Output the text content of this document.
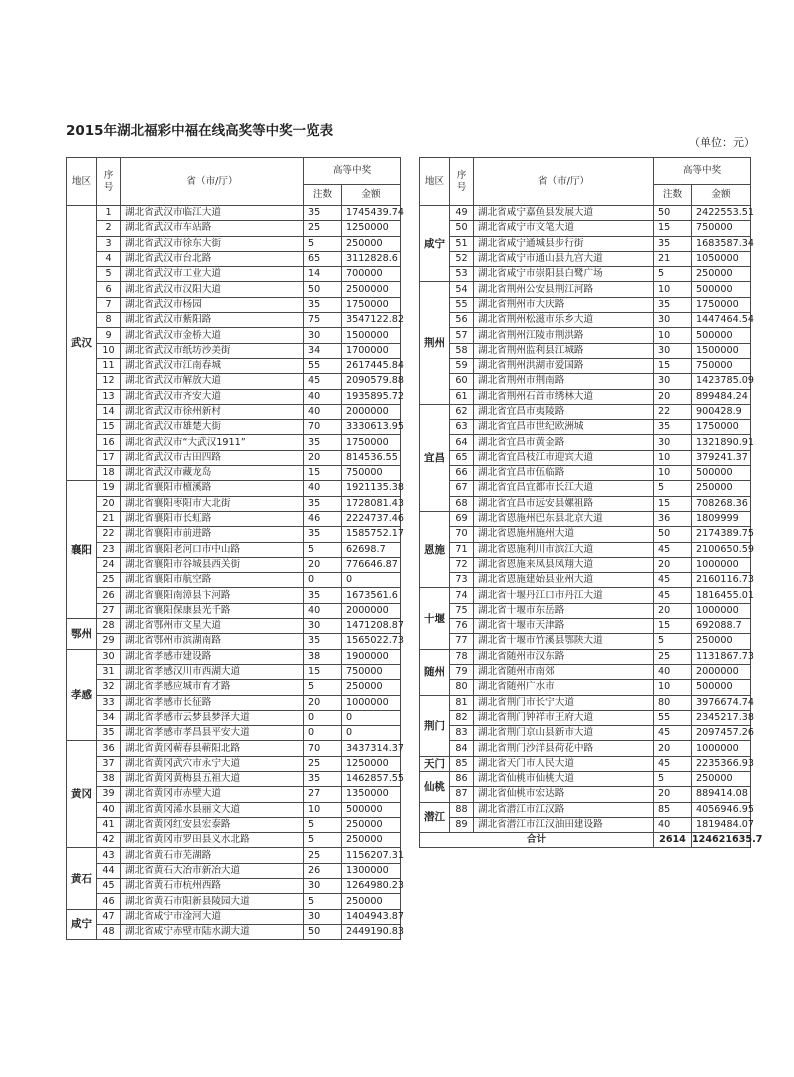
2015年湖北福彩中福在线高奖等中奖一览表
（单位：元）
地区	序号	省（市/厅）	高等中奖	
			注数	金额
武汉	1	湖北省武汉市临江大道	35	1745439.74
	2	湖北省武汉市车站路	25	1250000
	3	湖北省武汉市徐东大街	5	250000
	4	湖北省武汉市台北路	65	3112828.6
	5	湖北省武汉市工业大道	14	700000
	6	湖北省武汉市汉阳大道	50	2500000
	7	湖北省武汉市杨园	35	1750000
	8	湖北省武汉市紫阳路	75	3547122.82
	9	湖北省武汉市金桥大道	30	1500000
	10	湖北省武汉市纸坊沙美街	34	1700000
	11	湖北省武汉市江南春城	55	2617445.84
	12	湖北省武汉市解放大道	45	2090579.88
	13	湖北省武汉市齐安大道	40	1935895.72
	14	湖北省武汉市徐州新村	40	2000000
	15	湖北省武汉市雄楚大街	70	3330613.95
	16	湖北省武汉市“大武汉1911”	35	1750000
	17	湖北省武汉市古田四路	20	814536.55
	18	湖北省武汉市藏龙岛	15	750000
襄阳	19	湖北省襄阳市檀溪路	40	1921135.38
	20	湖北省襄阳枣阳市大北街	35	1728081.43
	21	湖北省襄阳市长虹路	46	2224737.46
	22	湖北省襄阳市前进路	35	1585752.17
	23	湖北省襄阳老河口市中山路	5	62698.7
	24	湖北省襄阳市谷城县西关街	20	776646.87
	25	湖北省襄阳市航空路	0	0
	26	湖北省襄阳南漳县卞河路	35	1673561.6
	27	湖北省襄阳保康县光千路	40	2000000
鄂州	28	湖北省鄂州市文星大道	30	1471208.87
	29	湖北省鄂州市滨湖南路	35	1565022.73
孝感	30	湖北省孝感市建设路	38	1900000
	31	湖北省孝感汉川市西湖大道	15	750000
	32	湖北省孝感应城市育才路	5	250000
	33	湖北省孝感市长征路	20	1000000
	34	湖北省孝感市云梦县梦泽大道	0	0
	35	湖北省孝感市孝昌县平安大道	0	0
黄冈	36	湖北省黄冈蕲春县蕲阳北路	70	3437314.37
	37	湖北省黄冈武穴市永宁大道	25	1250000
	38	湖北省黄冈黄梅县五祖大道	35	1462857.55
	39	湖北省黄冈市赤壁大道	27	1350000
	40	湖北省黄冈浠水县丽文大道	10	500000
	41	湖北省黄冈红安县宏泰路	5	250000
	42	湖北省黄冈市罗田县义水北路	5	250000
黄石	43	湖北省黄石市芜湖路	25	1156207.31
	44	湖北省黄石大冶市新冶大道	26	1300000
	45	湖北省黄石市杭州西路	30	1264980.23
	46	湖北省黄石市阳新县陵园大道	5	250000
咸宁	47	湖北省咸宁市淦河大道	30	1404943.87
	48	湖北省咸宁赤壁市陆水湖大道	50	2449190.83
地区	序号	省（市/厅）	高等中奖	
			注数	金额
咸宁	49	湖北省咸宁嘉鱼县发展大道	50	2422553.51
	50	湖北省咸宁市文笔大道	15	750000
	51	湖北省咸宁通城县步行街	35	1683587.34
	52	湖北省咸宁市通山县九宫大道	21	1050000
	53	湖北省咸宁市崇阳县白鹭广场	5	250000
荆州	54	湖北省荆州公安县荆江河路	10	500000
	55	湖北省荆州市大庆路	35	1750000
	56	湖北省荆州松滋市乐乡大道	30	1447464.54
	57	湖北省荆州江陵市荆洪路	10	500000
	58	湖北省荆州监利县江城路	30	1500000
	59	湖北省荆州洪湖市爱国路	15	750000
	60	湖北省荆州市荆南路	30	1423785.09
	61	湖北省荆州石首市绣林大道	20	899484.24
宜昌	62	湖北省宜昌市夷陵路	22	900428.9
	63	湖北省宜昌市世纪欧洲城	35	1750000
	64	湖北省宜昌市黄金路	30	1321890.91
	65	湖北省宜昌枝江市迎宾大道	10	379241.37
	66	湖北省宜昌市伍临路	10	500000
	67	湖北省宜昌宜都市长江大道	5	250000
	68	湖北省宜昌市远安县嫘祖路	15	708268.36
恩施	69	湖北省恩施州巴东县北京大道	36	1809999
	70	湖北省恩施州施州大道	50	2174389.75
	71	湖北省恩施利川市滨江大道	45	2100650.59
	72	湖北省恩施来凤县凤翔大道	20	1000000
	73	湖北省恩施建始县业州大道	45	2160116.73
十堰	74	湖北省十堰丹江口市丹江大道	45	1816455.01
	75	湖北省十堰市东岳路	20	1000000
	76	湖北省十堰市天津路	15	692088.7
	77	湖北省十堰市竹溪县鄂陕大道	5	250000
随州	78	湖北省随州市汉东路	25	1131867.73
	79	湖北省随州市南郊	40	2000000
	80	湖北省随州广水市	10	500000
荆门	81	湖北省荆门市长宁大道	80	3976674.74
	82	湖北省荆门钟祥市王府大道	55	2345217.38
	83	湖北省荆门京山县新市大道	45	2097457.26
	84	湖北省荆门沙洋县荷花中路	20	1000000
天门	85	湖北省天门市人民大道	45	2235366.93
仙桃	86	湖北省仙桃市仙桃大道	5	250000
	87	湖北省仙桃市宏达路	20	889414.08
潜江	88	湖北省潜江市江汉路	85	4056946.95
	89	湖北省潜江市江汉油田建设路	40	1819484.07
合计			2614	124621635.7
